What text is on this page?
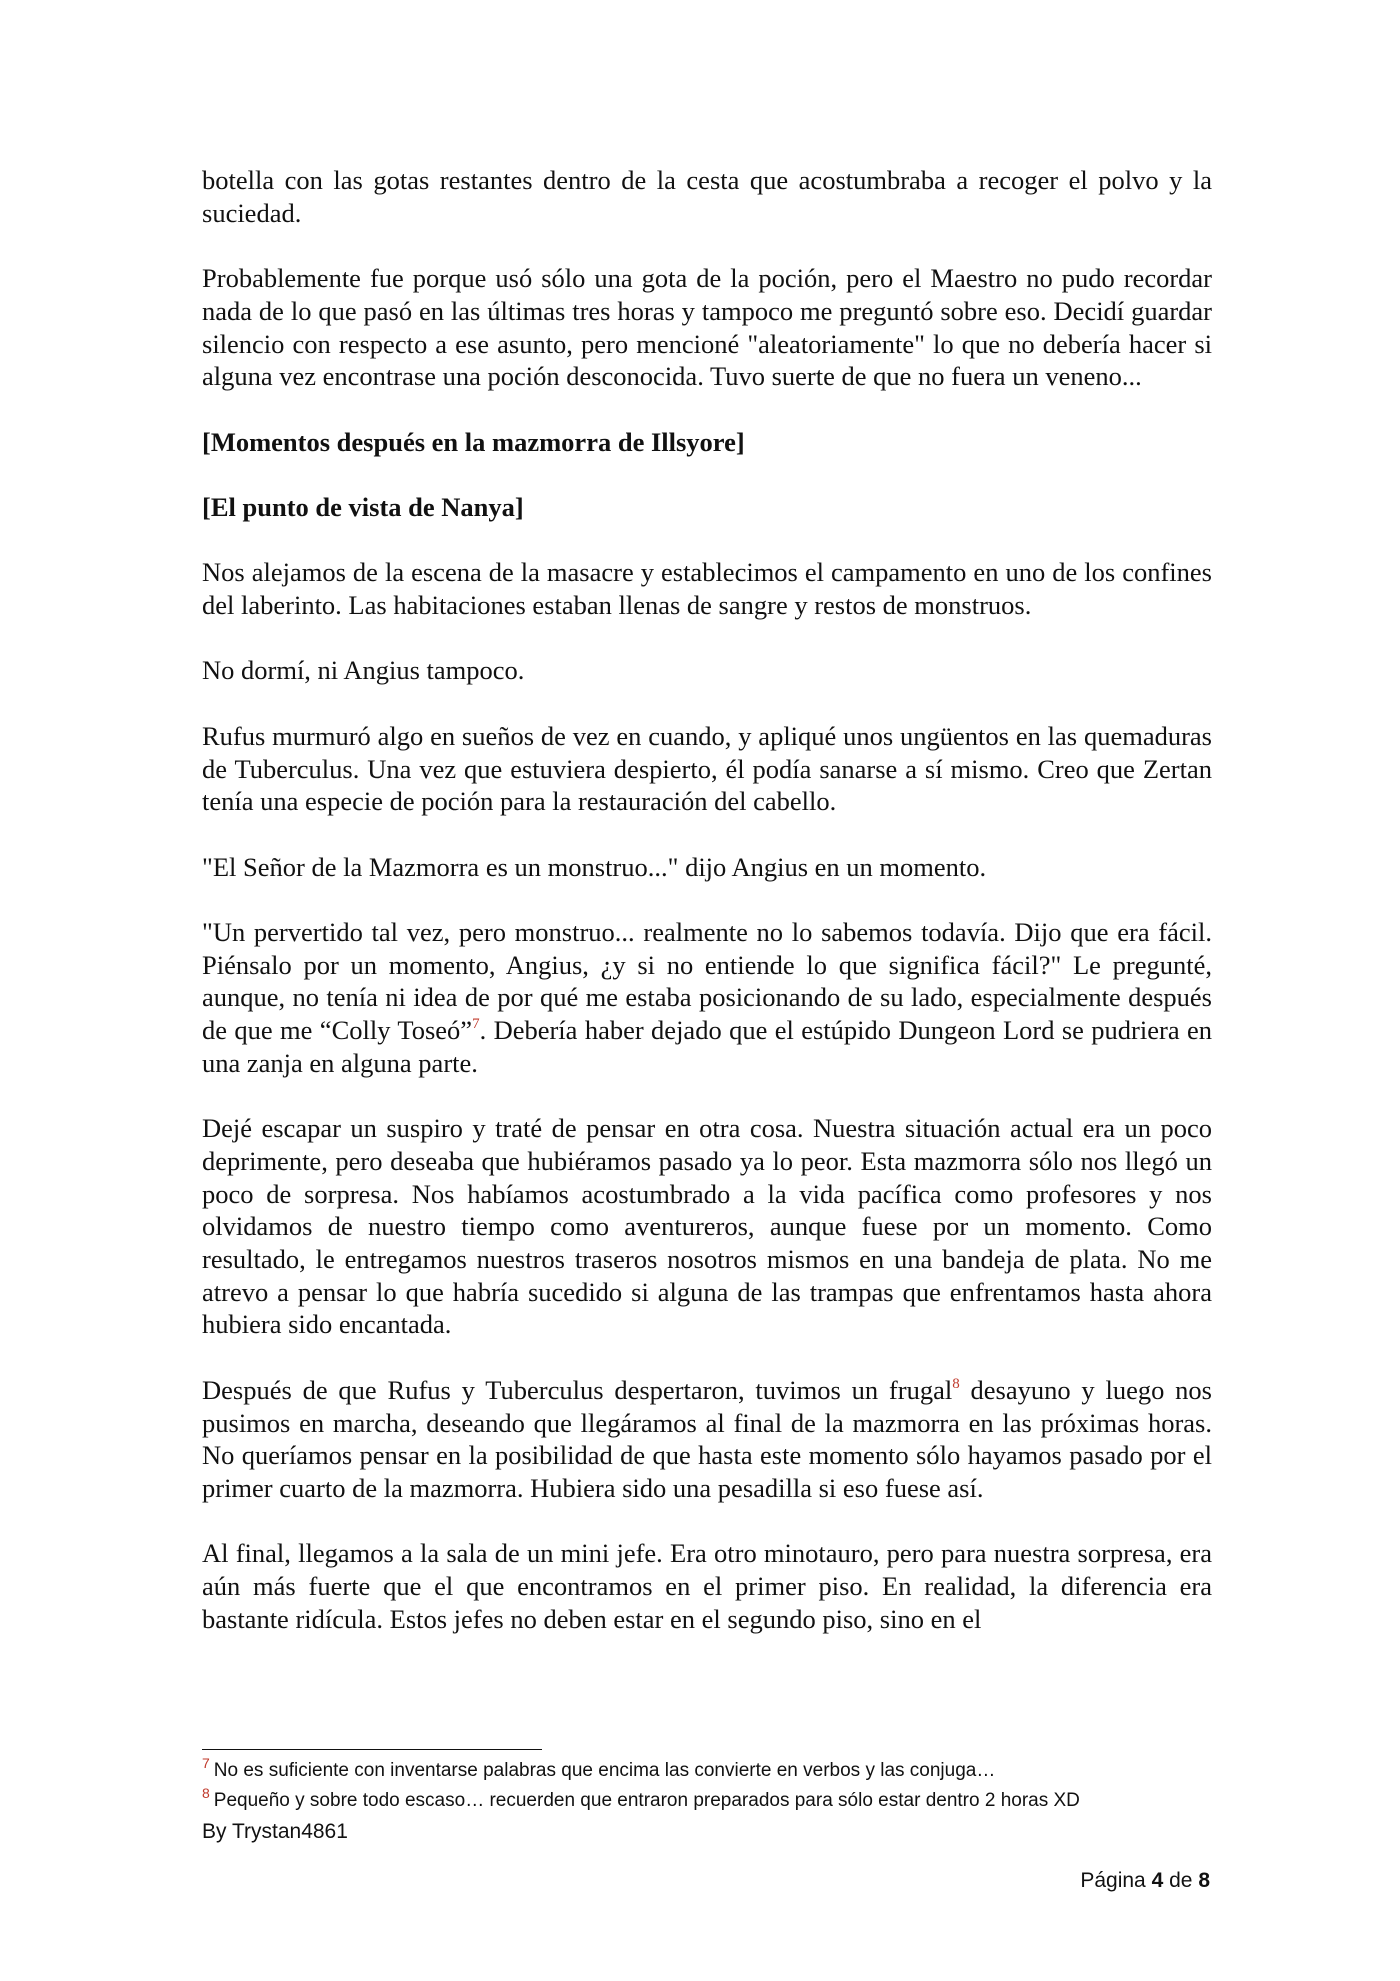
botella con las gotas restantes dentro de la cesta que acostumbraba a recoger el polvo y la suciedad.

Probablemente fue porque usó sólo una gota de la poción, pero el Maestro no pudo recordar nada de lo que pasó en las últimas tres horas y tampoco me preguntó sobre eso. Decidí guardar silencio con respecto a ese asunto, pero mencioné "aleatoriamente" lo que no debería hacer si alguna vez encontrase una poción desconocida. Tuvo suerte de que no fuera un veneno...

[Momentos después en la mazmorra de Illsyore]
[El punto de vista de Nanya]

Nos alejamos de la escena de la masacre y establecimos el campamento en uno de los confines del laberinto. Las habitaciones estaban llenas de sangre y restos de monstruos.

No dormí, ni Angius tampoco.

Rufus murmuró algo en sueños de vez en cuando, y apliqué unos ungüentos en las quemaduras de Tuberculus. Una vez que estuviera despierto, él podía sanarse a sí mismo. Creo que Zertan tenía una especie de poción para la restauración del cabello.

"El Señor de la Mazmorra es un monstruo..." dijo Angius en un momento.

"Un pervertido tal vez, pero monstruo... realmente no lo sabemos todavía. Dijo que era fácil. Piénsalo por un momento, Angius, ¿y si no entiende lo que significa fácil?" Le pregunté, aunque, no tenía ni idea de por qué me estaba posicionando de su lado, especialmente después de que me “Colly Toseó”$^7$. Debería haber dejado que el estúpido Dungeon Lord se pudriera en una zanja en alguna parte.

Dejé escapar un suspiro y traté de pensar en otra cosa. Nuestra situación actual era un poco deprimente, pero deseaba que hubiéramos pasado ya lo peor. Esta mazmorra sólo nos llegó un poco de sorpresa. Nos habíamos acostumbrado a la vida pacífica como profesores y nos olvidamos de nuestro tiempo como aventureros, aunque fuese por un momento. Como resultado, le entregamos nuestros traseros nosotros mismos en una bandeja de plata. No me atrevo a pensar lo que habría sucedido si alguna de las trampas que enfrentamos hasta ahora hubiera sido encantada.

Después de que Rufus y Tuberculus despertaron, tuvimos un frugal$^8$ desayuno y luego nos pusimos en marcha, deseando que llegáramos al final de la mazmorra en las próximas horas. No queríamos pensar en la posibilidad de que hasta este momento sólo hayamos pasado por el primer cuarto de la mazmorra. Hubiera sido una pesadilla si eso fuese así.

Al final, llegamos a la sala de un mini jefe. Era otro minotauro, pero para nuestra sorpresa, era aún más fuerte que el que encontramos en el primer piso. En realidad, la diferencia era bastante ridícula. Estos jefes no deben estar en el segundo piso, sino en el

$^7$ No es suficiente con inventarse palabras que encima las convierte en verbos y las conjuga…

$^8$ Pequeño y sobre todo escaso… recuerden que entraron preparados para sólo estar dentro 2 horas XD

By Trystan4861
Página 4 de 8
